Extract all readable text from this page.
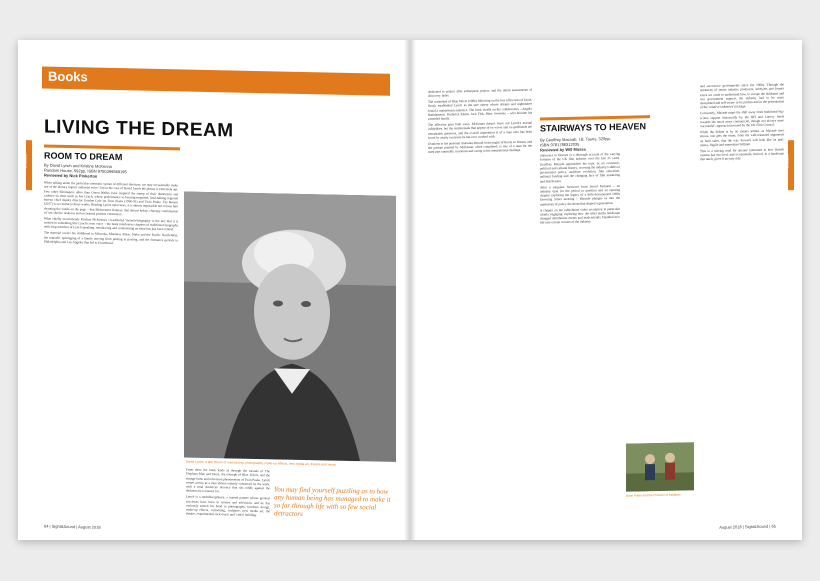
Books
BOOKS
LIVING THE DREAM
ROOM TO DREAM
By David Lynch and Kristine McKenna
Random House, 592pp, ISBN 9780399589195
Reviewed by Nick Pinkerton

When talking about the particular cinematic syntax of different directors, we may occasionally make use of the literary import 'authorial voice', but in the case of David Lynch the phrase is extremely apt. Few other filmmakers other than Orson Welles have inspired the stamp of their distinction and cadence on their work as has Lynch, whose performance as hearing-impaired, loud-talking regional bureau chief deputy director Gordon Cole on Twin Peaks (1990-91) and Twin Peaks: The Return (2017) is so central to those works. Reading Lynch interviews, it is almost impossible not to hear him dictating the words on the page – that Midwestern flatness, that almost hokey, chirrupy combination of 'aw, shucks' neatness and occasional profane vehemence.

What chiefly recommends Kristine McKenna's co-authored 'memoir/biography' is the fact that it is written in something like Lynch's own voice – the book interleaves chapters of traditional biography with long stretches of Lynch speaking, reminiscing and commenting on what has just been related.

The material covers his childhood in Missoula, Montana, Boise, Idaho and the Pacific North-West, the nomadic upbringing of a family moving from posting to posting, and the formative periods in Philadelphia and Los Angeles that led to Eraserhead.

David Lynch: a late bloom of outsourcing, photography, make-up effects, new media art, theatre and music

From there the book leads us through the travails of The Elephant Man and Dune, the triumph of Blue Velvet, and the strange fame and television phenomenon of Twin Peaks. Lynch comes across as a man almost entirely consumed by the work, with a rural American decency that sits oddly against the darkness he is known for.

Lynch is a multidisciplinary, a trained painter whose greatest successes have been in cinema and television, and he has variously turned his hand to photography, furniture design, make-up effects, cartooning, sculpture, new media art, the theatre, experimental rock music and 'video' building.

You may find yourself puzzling as to how any human being has managed to make it so far through life with so few social detractors
64 | Sight&Sound | August 2018
BOOKS

dedicated to project after subsequent project, and the initial assessments of discovery fades.

The watershed of Blue Velvet (1986) following on the box office loss of Dune, firmly established Lynch as the rare auteur whose dreams and nightmares found a mainstream audience. The book dwells on the collaborators – Angelo Badalamenti, Frederick Elmes, Jack Fisk, Mary Sweeney – who became his extended family.

The affection goes both ways. McKenna doesn't leave out Lynch's marital infidelities, but the testimonials that appear of ex-wives and ex-girlfriends are remarkably generous, and the overall impression is of a man who has been loved by nearly everyone he has ever worked with.

Ovations to his personal charisma abound in the pages of Room to Dream, and the portrait painted by McKenna, when completed, is one of a man for the most part unusually courteous and caring in his interpersonal dealings.

STAIRWAYS TO HEAVEN
By Geoffrey Macnab, I.B. Tauris, 320pp,
ISBN 9781788312035
Reviewed by Will Massa

Stairways to Heaven is a thorough account of the varying fortunes of the UK film industry over the last 25 years. Geoffrey Macnab approaches his topic as an economic, political and cultural history, covering the industry's shifts in government policy, audience evolution, film education, national funding and the changing face of film marketing and distribution.

After a sanguine foreword from David Puttnam – an industry titan for the period in question and an opening chapter exploring the legacy of a little-documented 1990s Downing Street meeting – Macnab plunges us into the maelstrom of policy decisions that shaped a generation.

A chapter on the cable/home video revolution in particular clearly engaging, exploring how the rebel media landscape changed distribution norms and inadvertently breathed new life into certain corners of the industry.

and successive governments since the 1980s. Through the testimony of senior industry producers, lobbyists and former execs we come to understand how, to escape the doldrums and win government support, the industry had to be more disciplined and self-aware in its pitches and in the presentation of the 'creative industries' package.

Conversely, Macnab maps the shift away from traditional big-screen support historically by the BFI and Lottery funds towards the much more commercial, though not always more 'successful', approach favoured by the UK Film Council.

While the debate is by no means settled, as Macnab here shows, one gets the sense, from the well-reasoned arguments on both sides, that the way forward will look like its past: messy, fragile and sometimes brilliant.

This is a stirring read for anyone interested in how British cinema has survived, and occasionally thrived, in a landscape that rarely gives it an easy ride.

Dave Potter and the Prisoner of Azkaban
August 2018 | Sight&Sound | 65
